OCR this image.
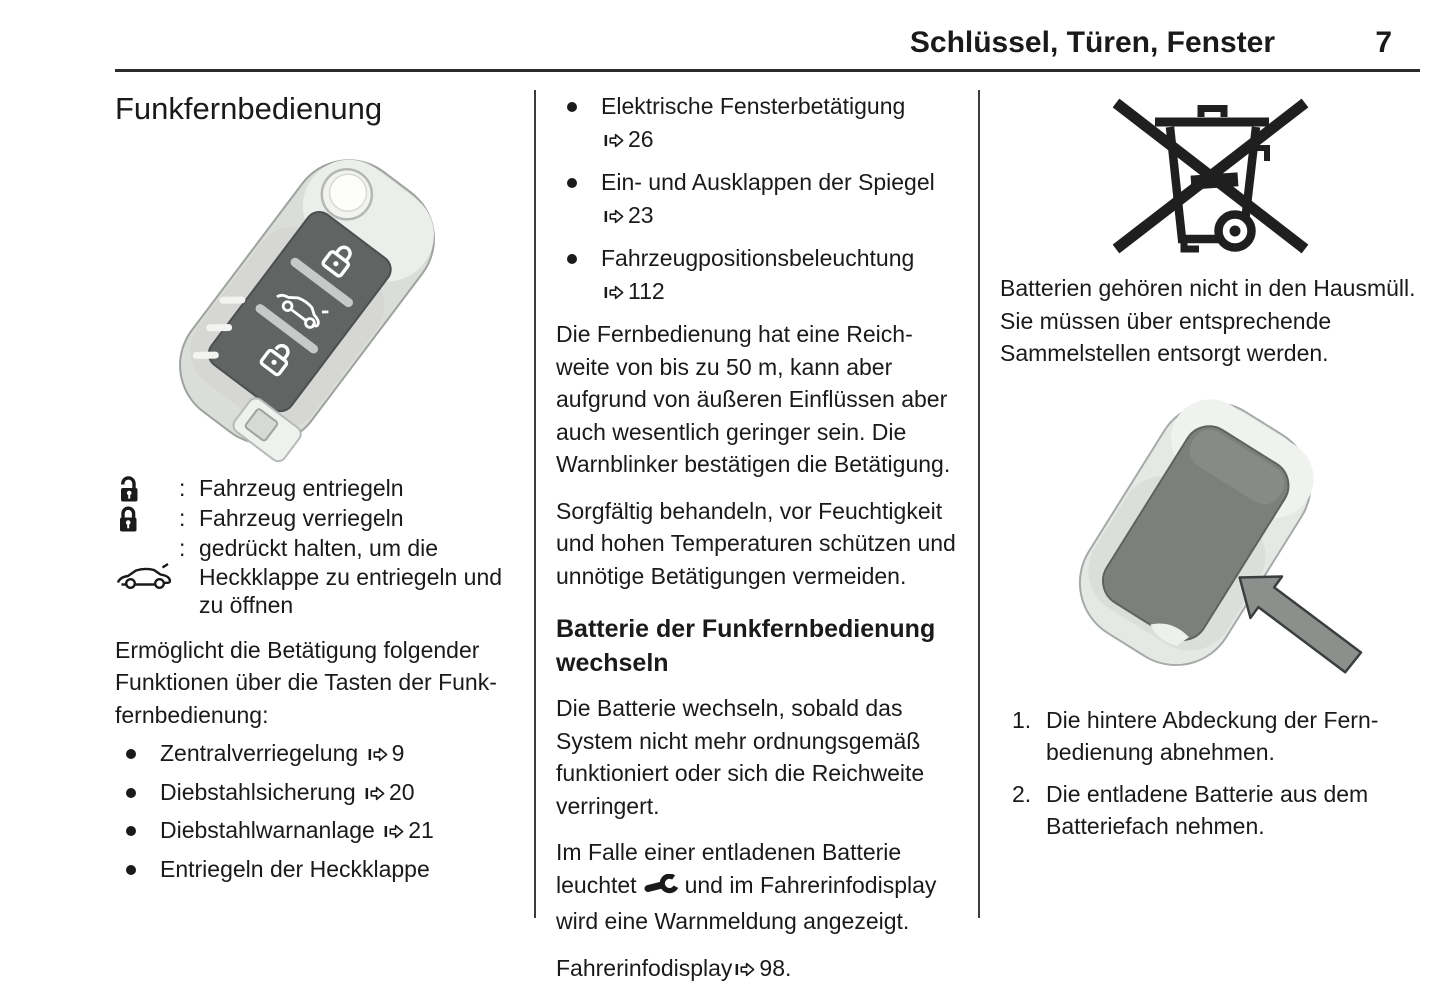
Schlüssel, Türen, Fenster	7
Funkfernbedienung
: Fahrzeug entriegeln
: Fahrzeug verriegeln
: gedrückt halten, um die Heckklappe zu entriegeln und zu öffnen

Ermöglicht die Betätigung folgender Funktionen über die Tasten der Funkfernbedienung:

Zentralverriegelung 9
Diebstahlsicherung 20
Diebstahlwarnanlage 21
Entriegeln der Heckklappe
Elektrische Fensterbetätigung 26
Ein- und Ausklappen der Spiegel 23
Fahrzeugpositionsbeleuchtung 112

Die Fernbedienung hat eine Reichweite von bis zu 50 m, kann aber aufgrund von äußeren Einflüssen aber auch wesentlich geringer sein. Die Warnblinker bestätigen die Betätigung.

Sorgfältig behandeln, vor Feuchtigkeit und hohen Temperaturen schützen und unnötige Betätigungen vermeiden.

Batterie der Funkfernbedienung wechseln

Die Batterie wechseln, sobald das System nicht mehr ordnungsgemäß funktioniert oder sich die Reichweite verringert.

Im Falle einer entladenen Batterie leuchtet und im Fahrerinfodisplay wird eine Warnmeldung angezeigt.

Fahrerinfodisplay 98.

Batterien gehören nicht in den Hausmüll. Sie müssen über entsprechende Sammelstellen entsorgt werden.

1. Die hintere Abdeckung der Fernbedienung abnehmen.
2. Die entladene Batterie aus dem Batteriefach nehmen.
